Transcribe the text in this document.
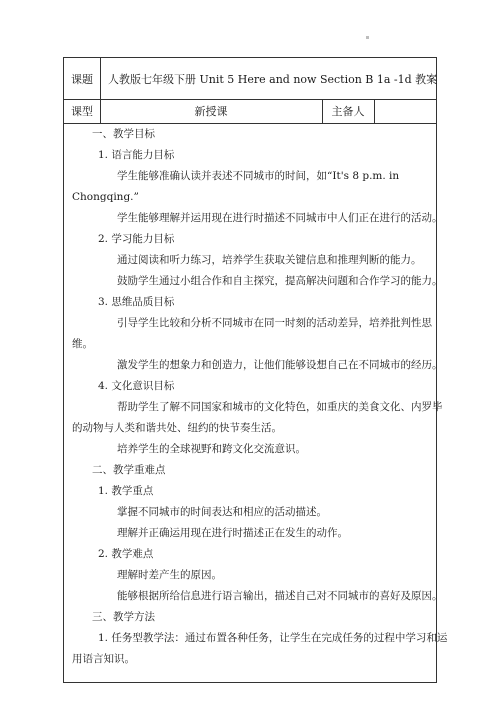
课题	人教版七年级下册 Unit 5 Here and now Section B 1a -1d 教案
课型	新授课	主备人
一、教学目标
1. 语言能力目标
学生能够准确认读并表述不同城市的时间，如“It's 8 p.m. in
Chongqing.”
学生能够理解并运用现在进行时描述不同城市中人们正在进行的活动。
2. 学习能力目标
通过阅读和听力练习，培养学生获取关键信息和推理判断的能力。
鼓励学生通过小组合作和自主探究，提高解决问题和合作学习的能力。
3. 思维品质目标
引导学生比较和分析不同城市在同一时刻的活动差异，培养批判性思
维。
激发学生的想象力和创造力，让他们能够设想自己在不同城市的经历。
4. 文化意识目标
帮助学生了解不同国家和城市的文化特色，如重庆的美食文化、内罗毕
的动物与人类和谐共处、纽约的快节奏生活。
培养学生的全球视野和跨文化交流意识。
二、教学重难点
1. 教学重点
掌握不同城市的时间表达和相应的活动描述。
理解并正确运用现在进行时描述正在发生的动作。
2. 教学难点
理解时差产生的原因。
能够根据所给信息进行语言输出，描述自己对不同城市的喜好及原因。
三、教学方法
1. 任务型教学法：通过布置各种任务，让学生在完成任务的过程中学习和运
用语言知识。
